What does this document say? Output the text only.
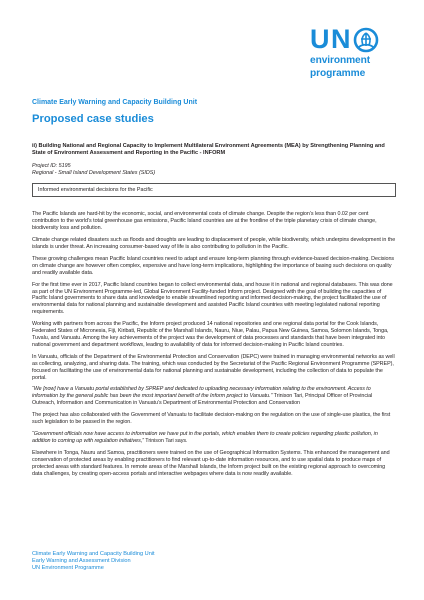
U N
environment
programme
Climate Early Warning and Capacity Building Unit
Proposed case studies
ii) Building National and Regional Capacity to Implement Multilateral Environment Agreements (MEA) by Strengthening Planning and State of Environment Assessment and Reporting in the Pacific - INFORM
Project ID: 5195
Regional - Small Island Development States (SIDS)
Informed environmental decisions for the Pacific

The Pacific Islands are hard-hit by the economic, social, and environmental costs of climate change. Despite the region’s less than 0.02 per cent contribution to the world’s total greenhouse gas emissions, Pacific Island countries are at the frontline of the triple planetary crisis of climate change, biodiversity loss and pollution.

Climate change related disasters such as floods and droughts are leading to displacement of people, while biodiversity, which underpins development in the islands is under threat. An increasing consumer-based way of life is also contributing to pollution in the Pacific.

These growing challenges mean Pacific Island countries need to adapt and ensure long-term planning through evidence-based decision-making. Decisions on climate change are however often complex, expensive and have long-term implications, highlighting the importance of basing such decisions on quality and readily available data.

For the first time ever in 2017, Pacific Island countries began to collect environmental data, and house it in national and regional databases. This was done as part of the UN Environment Programme-led, Global Environment Facility-funded Inform project. Designed with the goal of building the capacities of Pacific Island governments to share data and knowledge to enable streamlined reporting and informed decision-making, the project facilitated the use of environmental data for national planning and sustainable development and assisted Pacific Island countries with meeting legislated national reporting requirements.

Working with partners from across the Pacific, the Inform project produced 14 national repositories and one regional data portal for the Cook Islands, Federated States of Micronesia, Fiji, Kiribati, Republic of the Marshall Islands, Nauru, Niue, Palau, Papua New Guinea, Samoa, Solomon Islands, Tonga, Tuvalu, and Vanuatu. Among the key achievements of the project was the development of data processes and standards that have been integrated into national government and department workflows, leading to availability of data for informed decision-making in Pacific Island countries.

In Vanuatu, officials of the Department of the Environmental Protection and Conservation (DEPC) were trained in managing environmental networks as well as collecting, analyzing, and sharing data. The training, which was conducted by the Secretariat of the Pacific Regional Environment Programme (SPREP), focused on facilitating the use of environmental data for national planning and sustainable development, including the collection of data to populate the portal.

“We [now] have a Vanuatu portal established by SPREP and dedicated to uploading necessary information relating to the environment. Access to information by the general public has been the most important benefit of the Inform project to Vanuatu.” Trinison Tari, Principal Officer of Provincial Outreach, Information and Communication in Vanuatu’s Department of Environmental Protection and Conservation

The project has also collaborated with the Government of Vanuatu to facilitate decision-making on the regulation on the use of single-use plastics, the first such legislation to be passed in the region.

“Government officials now have access to information we have put in the portals, which enables them to create policies regarding plastic pollution, in addition to coming up with regulation initiatives,” Trinison Tari says.

Elsewhere in Tonga, Nauru and Samoa, practitioners were trained on the use of Geographical Information Systems. This enhanced the management and conservation of protected areas by enabling practitioners to find relevant up-to-date information resources, and to use spatial data to produce maps of protected areas with standard features. In remote areas of the Marshall Islands, the Inform project built on the existing regional approach to overcoming data challenges, by creating open-access portals and interactive webpages where data is now readily available.

Climate Early Warning and Capacity Building Unit
Early Warning and Assessment Division
UN Environment Programme
